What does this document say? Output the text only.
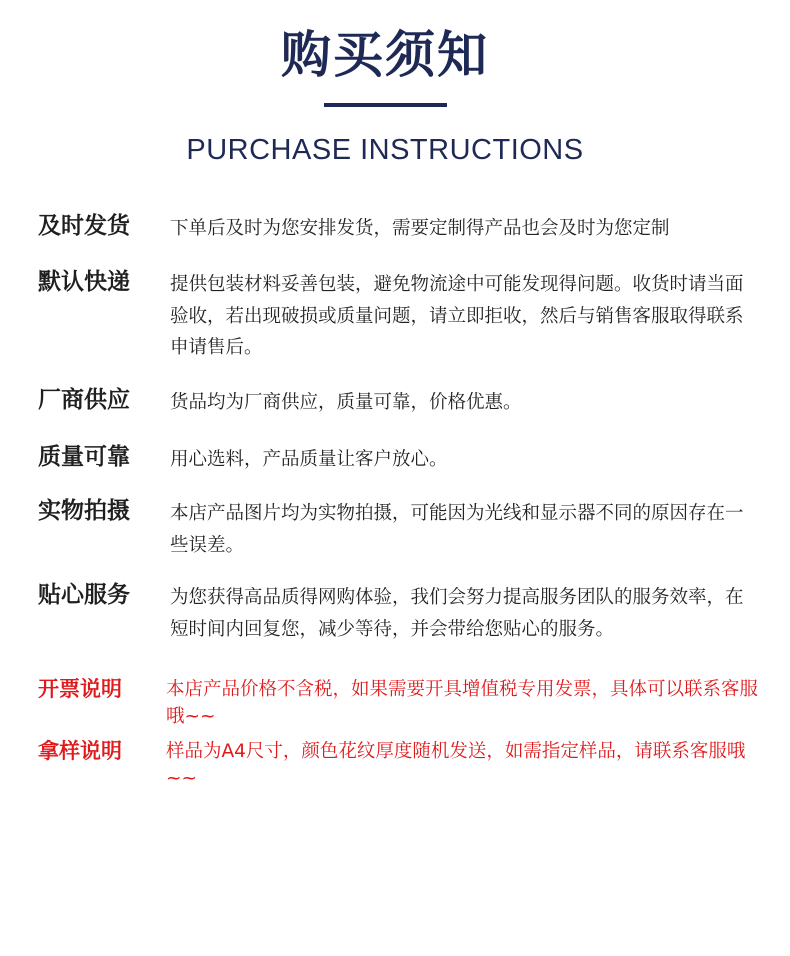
购买须知
PURCHASE INSTRUCTIONS
及时发货 下单后及时为您安排发货，需要定制得产品也会及时为您定制
默认快递 提供包装材料妥善包装，避免物流途中可能发现得问题。收货时请当面验收，若出现破损或质量问题，请立即拒收，然后与销售客服取得联系申请售后。
厂商供应 货品均为厂商供应，质量可靠，价格优惠。
质量可靠 用心选料，产品质量让客户放心。
实物拍摄 本店产品图片均为实物拍摄，可能因为光线和显示器不同的原因存在一些误差。
贴心服务 为您获得高品质得网购体验，我们会努力提高服务团队的服务效率，在短时间内回复您，减少等待，并会带给您贴心的服务。
开票说明 本店产品价格不含税，如果需要开具增值税专用发票，具体可以联系客服哦~~
拿样说明 样品为A4尺寸，颜色花纹厚度随机发送，如需指定样品，请联系客服哦~~
